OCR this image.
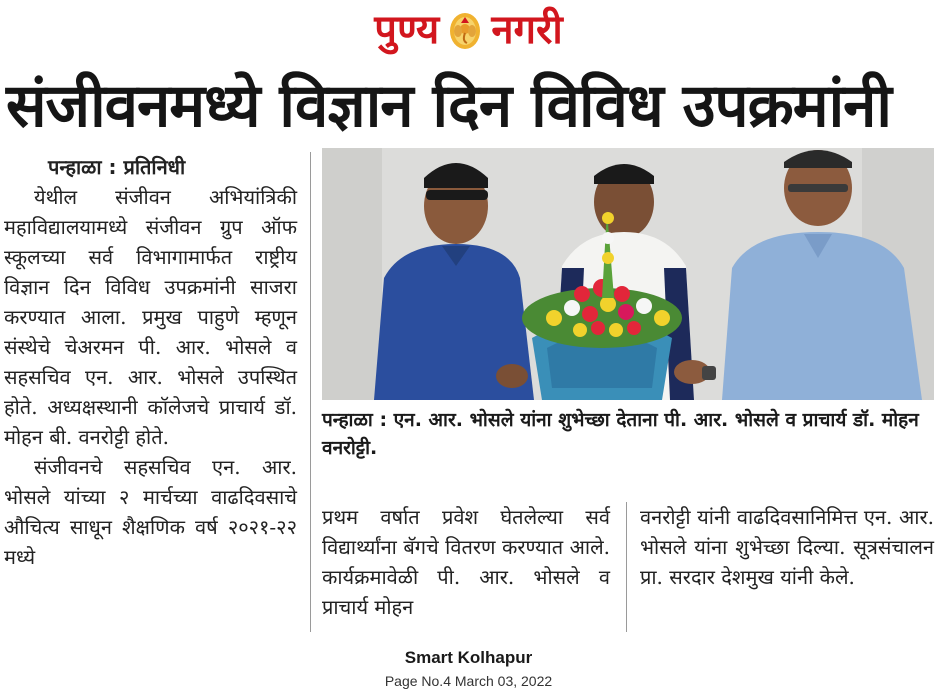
पुण्य नगरी
संजीवनमध्ये विज्ञान दिन विविध उपक्रमांनी

पन्हाळा : प्रतिनिधी

येथील संजीवन अभियांत्रिकी महाविद्यालयामध्ये संजीवन ग्रुप ऑफ स्कूलच्या सर्व विभागामार्फत राष्ट्रीय विज्ञान दिन विविध उपक्रमांनी साजरा करण्यात आला. प्रमुख पाहुणे म्हणून संस्थेचे चेअरमन पी. आर. भोसले व सहसचिव एन. आर. भोसले उपस्थित होते. अध्यक्षस्थानी कॉलेजचे प्राचार्य डॉ. मोहन बी. वनरोट्टी होते.

संजीवनचे सहसचिव एन. आर. भोसले यांच्या २ मार्चच्या वाढदिवसाचे औचित्य साधून शैक्षणिक वर्ष २०२१-२२ मध्ये

पन्हाळा : एन. आर. भोसले यांना शुभेच्छा देताना पी. आर. भोसले व प्राचार्य डॉ. मोहन वनरोट्टी.

प्रथम वर्षात प्रवेश घेतलेल्या सर्व विद्यार्थ्यांना बॅगचे वितरण करण्यात आले. कार्यक्रमावेळी पी. आर. भोसले व प्राचार्य मोहन

वनरोट्टी यांनी वाढदिवसानिमित्त एन. आर. भोसले यांना शुभेच्छा दिल्या. सूत्रसंचालन प्रा. सरदार देशमुख यांनी केले.

Smart Kolhapur
Page No.4 March 03, 2022
